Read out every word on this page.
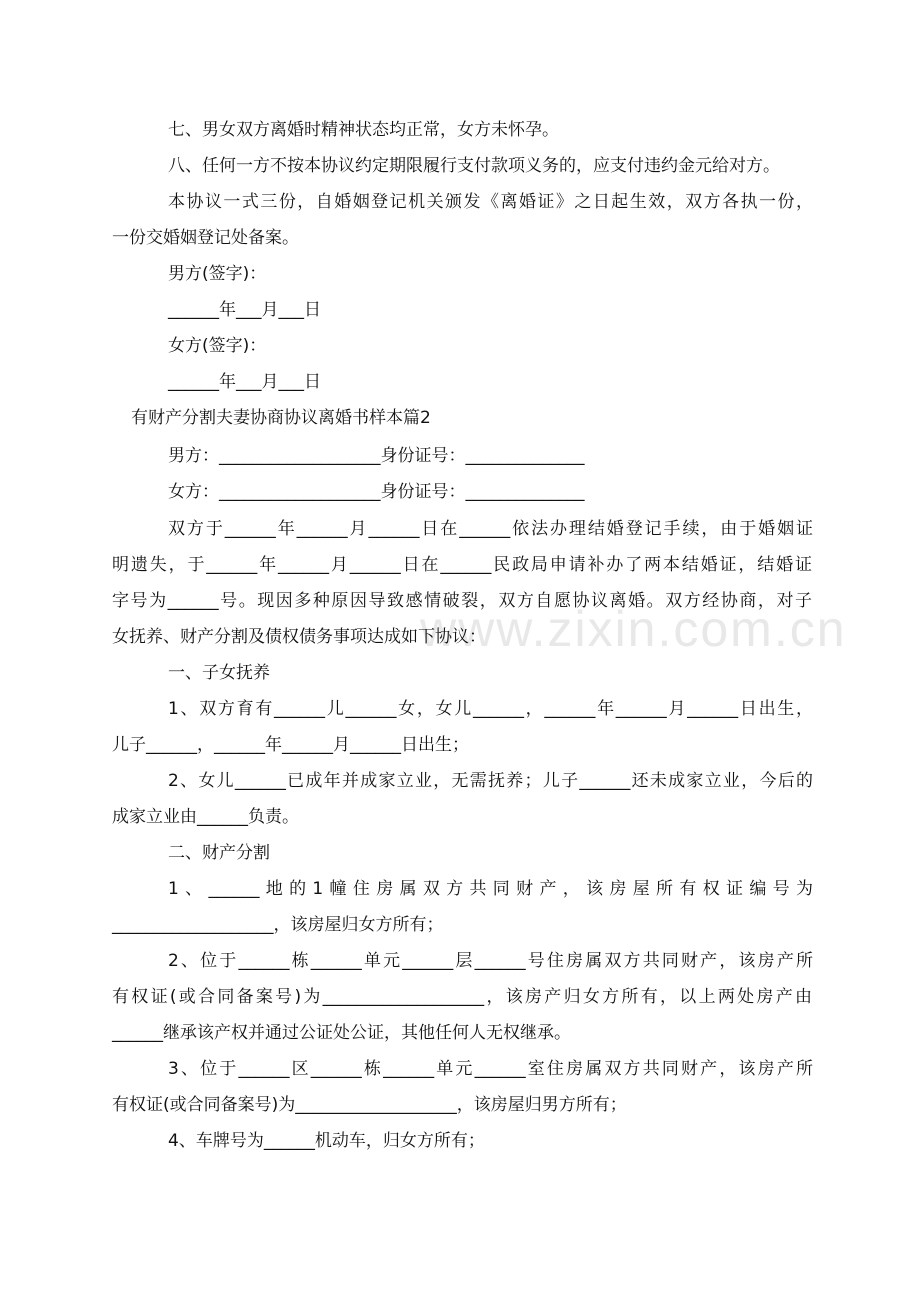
www.zixin.com.cn
七、男女双方离婚时精神状态均正常，女方未怀孕。
八、任何一方不按本协议约定期限履行支付款项义务的，应支付违约金元给对方。
本协议一式三份，自婚姻登记机关颁发《离婚证》之日起生效，双方各执一份，
一份交婚姻登记处备案。
男方(签字)：
______年___月___日
女方(签字)：
______年___月___日
有财产分割夫妻协商协议离婚书样本篇2
男方：___________________身份证号：______________
女方：___________________身份证号：______________
双方于______年______月______日在______依法办理结婚登记手续，由于婚姻证
明遗失，于______年______月______日在______民政局申请补办了两本结婚证，结婚证
字号为______号。现因多种原因导致感情破裂，双方自愿协议离婚。双方经协商，对子
女抚养、财产分割及债权债务事项达成如下协议：
一、子女抚养
1、双方育有______儿______女，女儿______，______年______月______日出生，
儿子______，______年______月______日出生；
2、女儿______已成年并成家立业，无需抚养；儿子______还未成家立业，今后的
成家立业由______负责。
二、财产分割
1、______地的1幢住房属双方共同财产，该房屋所有权证编号为
___________________，该房屋归女方所有；
2、位于______栋______单元______层______号住房属双方共同财产，该房产所
有权证(或合同备案号)为___________________，该房产归女方所有，以上两处房产由
______继承该产权并通过公证处公证，其他任何人无权继承。
3、位于______区______栋______单元______室住房属双方共同财产，该房产所
有权证(或合同备案号)为___________________，该房屋归男方所有；
4、车牌号为______机动车，归女方所有；
